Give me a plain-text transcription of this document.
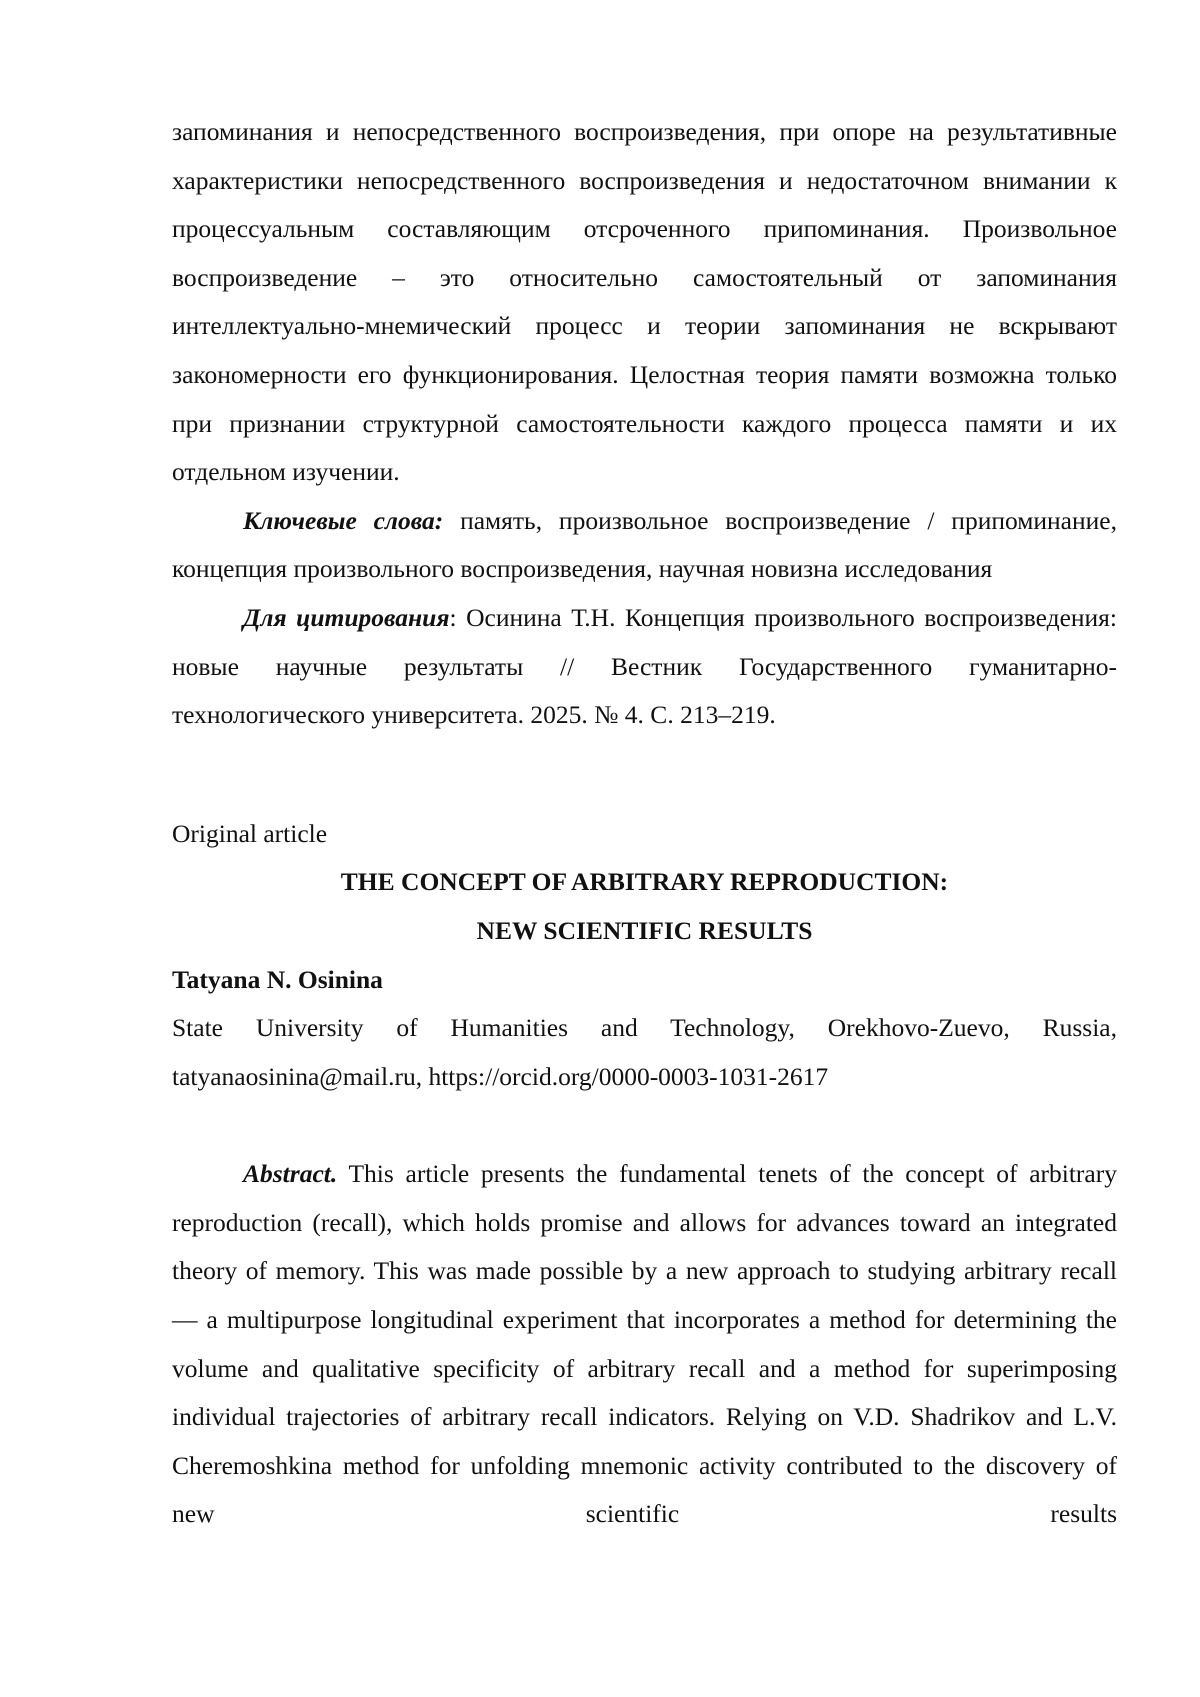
запоминания и непосредственного воспроизведения, при опоре на результативные характеристики непосредственного воспроизведения и недостаточном внимании к процессуальным составляющим отсроченного припоминания. Произвольное воспроизведение – это относительно самостоятельный от запоминания интеллектуально-мнемический процесс и теории запоминания не вскрывают закономерности его функционирования. Целостная теория памяти возможна только при признании структурной самостоятельности каждого процесса памяти и их отдельном изучении.

Ключевые слова: память, произвольное воспроизведение / припоминание, концепция произвольного воспроизведения, научная новизна исследования

Для цитирования: Осинина Т.Н. Концепция произвольного воспроизведения: новые научные результаты // Вестник Государственного гуманитарно-технологического университета. 2025. № 4. С. 213–219.

Original article

THE CONCEPT OF ARBITRARY REPRODUCTION:

NEW SCIENTIFIC RESULTS

Tatyana N. Osinina

State University of Humanities and Technology, Orekhovo-Zuevo, Russia, tatyanaosinina@mail.ru, https://orcid.org/0000-0003-1031-2617

Abstract. This article presents the fundamental tenets of the concept of arbitrary reproduction (recall), which holds promise and allows for advances toward an integrated theory of memory. This was made possible by a new approach to studying arbitrary recall — a multipurpose longitudinal experiment that incorporates a method for determining the volume and qualitative specificity of arbitrary recall and a method for superimposing individual trajectories of arbitrary recall indicators. Relying on V.D. Shadrikov and L.V. Cheremoshkina method for unfolding mnemonic activity contributed to the discovery of new scientific results
